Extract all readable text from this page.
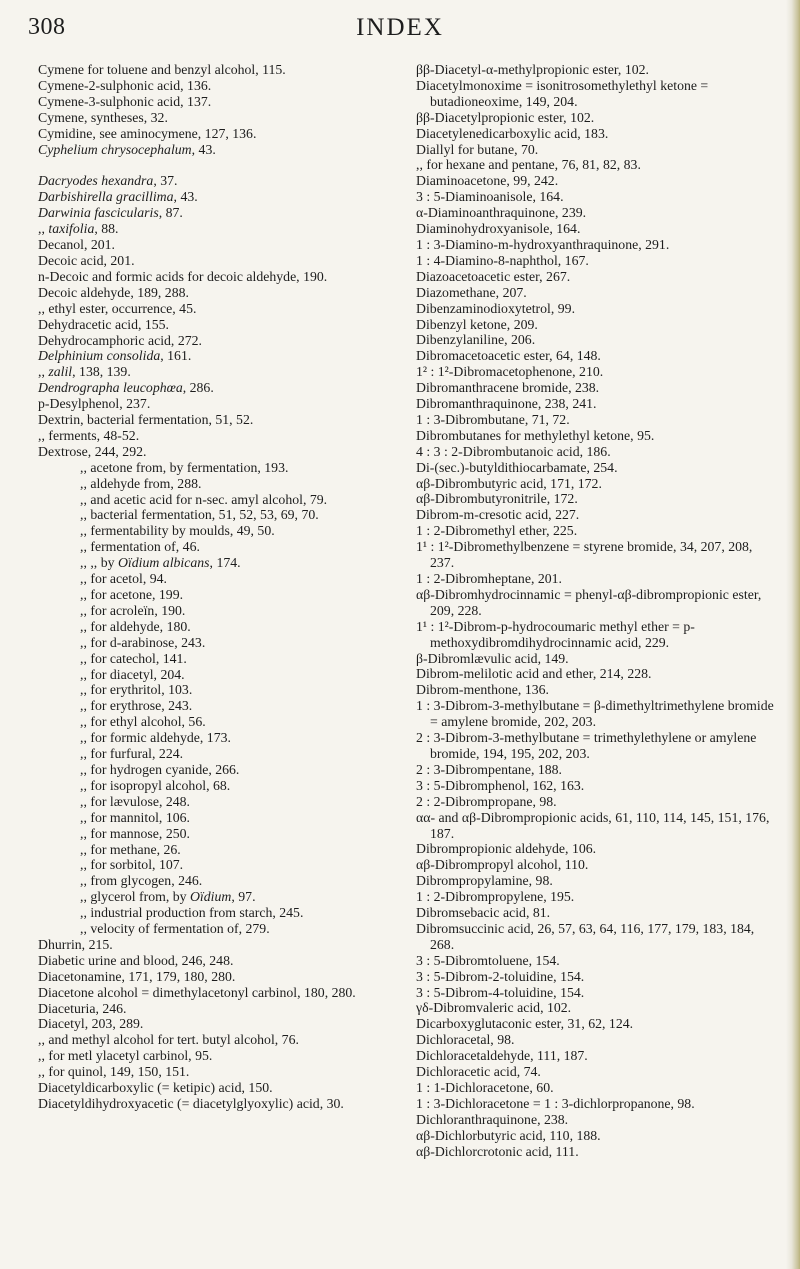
308	INDEX
Cymene for toluene and benzyl alcohol, 115.
Cymene-2-sulphonic acid, 136.
Cymene-3-sulphonic acid, 137.
Cymene, syntheses, 32.
Cymidine, see aminocymene, 127, 136.
Cyphelium chrysocephalum, 43.
Dacryodes hexandra, 37.
Darbishirella gracillima, 43.
Darwinia fascicularis, 87.
,, taxifolia, 88.
Decanol, 201.
Decoic acid, 201.
n-Decoic and formic acids for decoic aldehyde, 190.
Decoic aldehyde, 189, 288.
,, ethyl ester, occurrence, 45.
Dehydracetic acid, 155.
Dehydrocamphoric acid, 272.
Delphinium consolida, 161.
,, zalil, 138, 139.
Dendrographa leucophœa, 286.
p-Desylphenol, 237.
Dextrin, bacterial fermentation, 51, 52.
,, ferments, 48-52.
Dextrose, 244, 292.
,, acetone from, by fermentation, 193.
,, aldehyde from, 288.
,, and acetic acid for n-sec. amyl alcohol, 79.
,, bacterial fermentation, 51, 52, 53, 69, 70.
,, fermentability by moulds, 49, 50.
,, fermentation of, 46.
,, ,, by Oïdium albicans, 174.
,, for acetol, 94.
,, for acetone, 199.
,, for acroleïn, 190.
,, for aldehyde, 180.
,, for d-arabinose, 243.
,, for catechol, 141.
,, for diacetyl, 204.
,, for erythritol, 103.
,, for erythrose, 243.
,, for ethyl alcohol, 56.
,, for formic aldehyde, 173.
,, for furfural, 224.
,, for hydrogen cyanide, 266.
,, for isopropyl alcohol, 68.
,, for lævulose, 248.
,, for mannitol, 106.
,, for mannose, 250.
,, for methane, 26.
,, for sorbitol, 107.
,, from glycogen, 246.
,, glycerol from, by Oïdium, 97.
,, industrial production from starch, 245.
,, velocity of fermentation of, 279.
Dhurrin, 215.
Diabetic urine and blood, 246, 248.
Diacetonamine, 171, 179, 180, 280.
Diacetone alcohol = dimethylacetonyl carbinol, 180, 280.
Diaceturia, 246.
Diacetyl, 203, 289.
,, and methyl alcohol for tert. butyl alcohol, 76.
,, for metl ylacetyl carbinol, 95.
,, for quinol, 149, 150, 151.
Diacetyldicarboxylic (= ketipic) acid, 150.
Diacetyldihydroxyacetic (= diacetylglyoxylic) acid, 30.
ββ-Diacetyl-α-methylpropionic ester, 102.
Diacetylmonoxime = isonitrosomethylethyl ketone = butadioneoxime, 149, 204.
ββ-Diacetylpropionic ester, 102.
Diacetylenedicarboxylic acid, 183.
Diallyl for butane, 70.
,, for hexane and pentane, 76, 81, 82, 83.
Diaminoacetone, 99, 242.
3 : 5-Diaminoanisole, 164.
α-Diaminoanthraquinone, 239.
Diaminohydroxyanisole, 164.
1 : 3-Diamino-m-hydroxyanthraquinone, 291.
1 : 4-Diamino-8-naphthol, 167.
Diazoacetoacetic ester, 267.
Diazomethane, 207.
Dibenzaminodioxytetrol, 99.
Dibenzyl ketone, 209.
Dibenzylaniline, 206.
Dibromacetoacetic ester, 64, 148.
1² : 1²-Dibromacetophenone, 210.
Dibromanthracene bromide, 238.
Dibromanthraquinone, 238, 241.
1 : 3-Dibrombutane, 71, 72.
Dibrombutanes for methylethyl ketone, 95.
4 : 3 : 2-Dibrombutanoic acid, 186.
Di-(sec.)-butyldithiocarbamate, 254.
αβ-Dibrombutyric acid, 171, 172.
αβ-Dibrombutyronitrile, 172.
Dibrom-m-cresotic acid, 227.
1 : 2-Dibromethyl ether, 225.
1¹ : 1²-Dibromethylbenzene = styrene bromide, 34, 207, 208, 237.
1 : 2-Dibromheptane, 201.
αβ-Dibromhydrocinnamic = phenyl-αβ-dibrompropionic ester, 209, 228.
1¹ : 1²-Dibrom-p-hydrocoumaric methyl ether = p-methoxydibromdihydrocinnamic acid, 229.
β-Dibromlævulic acid, 149.
Dibrom-melilotic acid and ether, 214, 228.
Dibrom-menthone, 136.
1 : 3-Dibrom-3-methylbutane = β-dimethyltrimethylene bromide = amylene bromide, 202, 203.
2 : 3-Dibrom-3-methylbutane = trimethylethylene or amylene bromide, 194, 195, 202, 203.
2 : 3-Dibrompentane, 188.
3 : 5-Dibromphenol, 162, 163.
2 : 2-Dibrompropane, 98.
αα- and αβ-Dibrompropionic acids, 61, 110, 114, 145, 151, 176, 187.
Dibrompropionic aldehyde, 106.
αβ-Dibrompropyl alcohol, 110.
Dibrompropylamine, 98.
1 : 2-Dibrompropylene, 195.
Dibromsebacic acid, 81.
Dibromsuccinic acid, 26, 57, 63, 64, 116, 177, 179, 183, 184, 268.
3 : 5-Dibromtoluene, 154.
3 : 5-Dibrom-2-toluidine, 154.
3 : 5-Dibrom-4-toluidine, 154.
γδ-Dibromvaleric acid, 102.
Dicarboxyglutaconic ester, 31, 62, 124.
Dichloracetal, 98.
Dichloracetaldehyde, 111, 187.
Dichloracetic acid, 74.
1 : 1-Dichloracetone, 60.
1 : 3-Dichloracetone = 1 : 3-dichlorpropanone, 98.
Dichloranthraquinone, 238.
αβ-Dichlorbutyric acid, 110, 188.
αβ-Dichlorcrotonic acid, 111.
